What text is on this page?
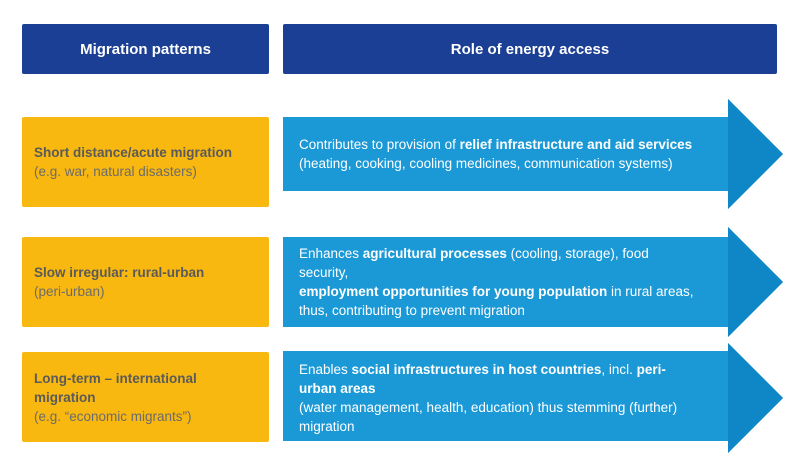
Migration patterns	Role of energy access
Short distance/acute migration
(e.g. war, natural disasters)
Contributes to provision of relief infrastructure and aid services
(heating, cooking, cooling medicines, communication systems)
Slow irregular: rural-urban
(peri-urban)
Enhances agricultural processes (cooling, storage), food security,
employment opportunities for young population in rural areas,
thus, contributing to prevent migration
Long-term – international migration
(e.g. “economic migrants”)
Enables social infrastructures in host countries, incl. peri-urban areas
(water management, health, education) thus stemming (further)
migration
